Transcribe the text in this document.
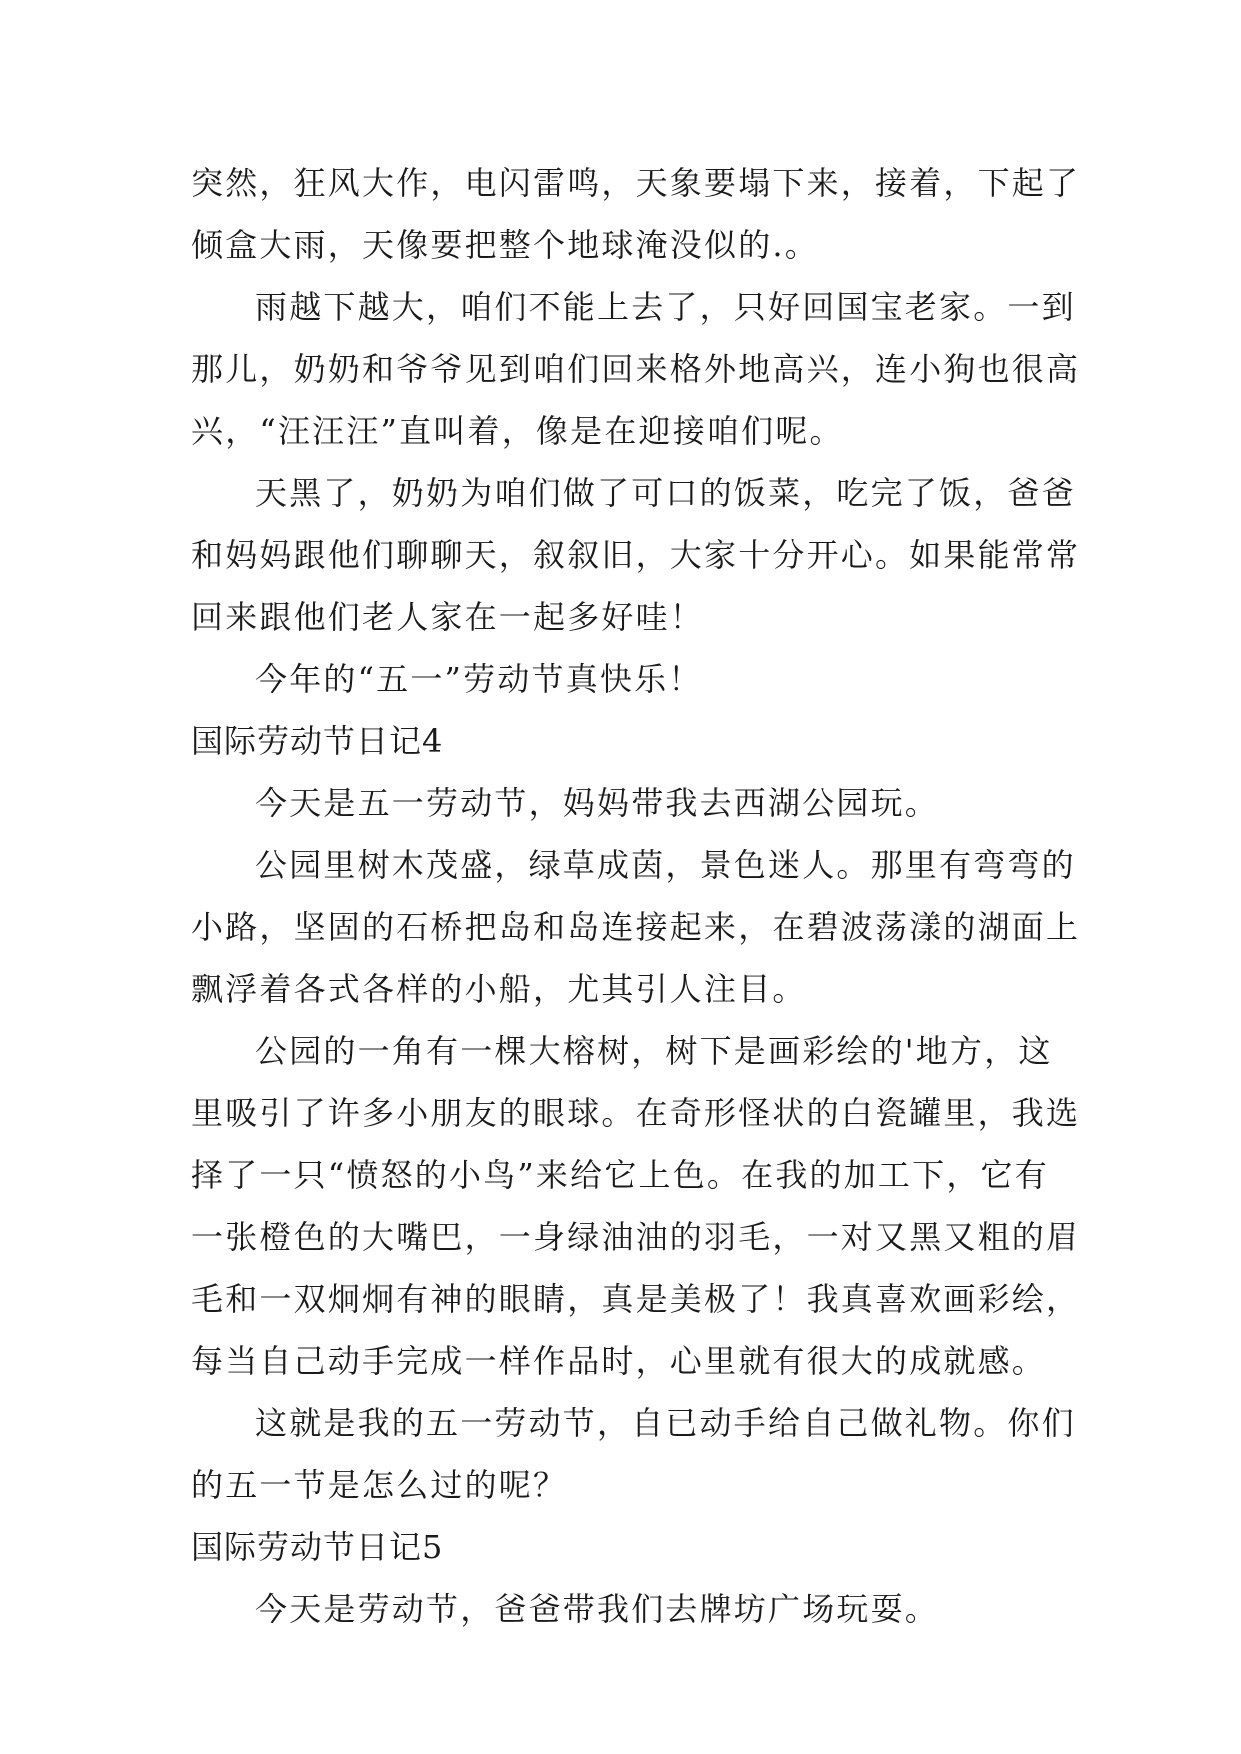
突然，狂风大作，电闪雷鸣，天象要塌下来，接着，下起了
倾盒大雨，天像要把整个地球淹没似的.。
雨越下越大，咱们不能上去了，只好回国宝老家。一到
那儿，奶奶和爷爷见到咱们回来格外地高兴，连小狗也很高
兴，“汪汪汪”直叫着，像是在迎接咱们呢。
天黑了，奶奶为咱们做了可口的饭菜，吃完了饭，爸爸
和妈妈跟他们聊聊天，叙叙旧，大家十分开心。如果能常常
回来跟他们老人家在一起多好哇！
今年的“五一”劳动节真快乐！
国际劳动节日记4
今天是五一劳动节，妈妈带我去西湖公园玩。
公园里树木茂盛，绿草成茵，景色迷人。那里有弯弯的
小路，坚固的石桥把岛和岛连接起来，在碧波荡漾的湖面上
飘浮着各式各样的小船，尤其引人注目。
公园的一角有一棵大榕树，树下是画彩绘的'地方，这
里吸引了许多小朋友的眼球。在奇形怪状的白瓷罐里，我选
择了一只“愤怒的小鸟”来给它上色。在我的加工下，它有
一张橙色的大嘴巴，一身绿油油的羽毛，一对又黑又粗的眉
毛和一双炯炯有神的眼睛，真是美极了！我真喜欢画彩绘，
每当自己动手完成一样作品时，心里就有很大的成就感。
这就是我的五一劳动节，自已动手给自己做礼物。你们
的五一节是怎么过的呢？
国际劳动节日记5
今天是劳动节，爸爸带我们去牌坊广场玩耍。
